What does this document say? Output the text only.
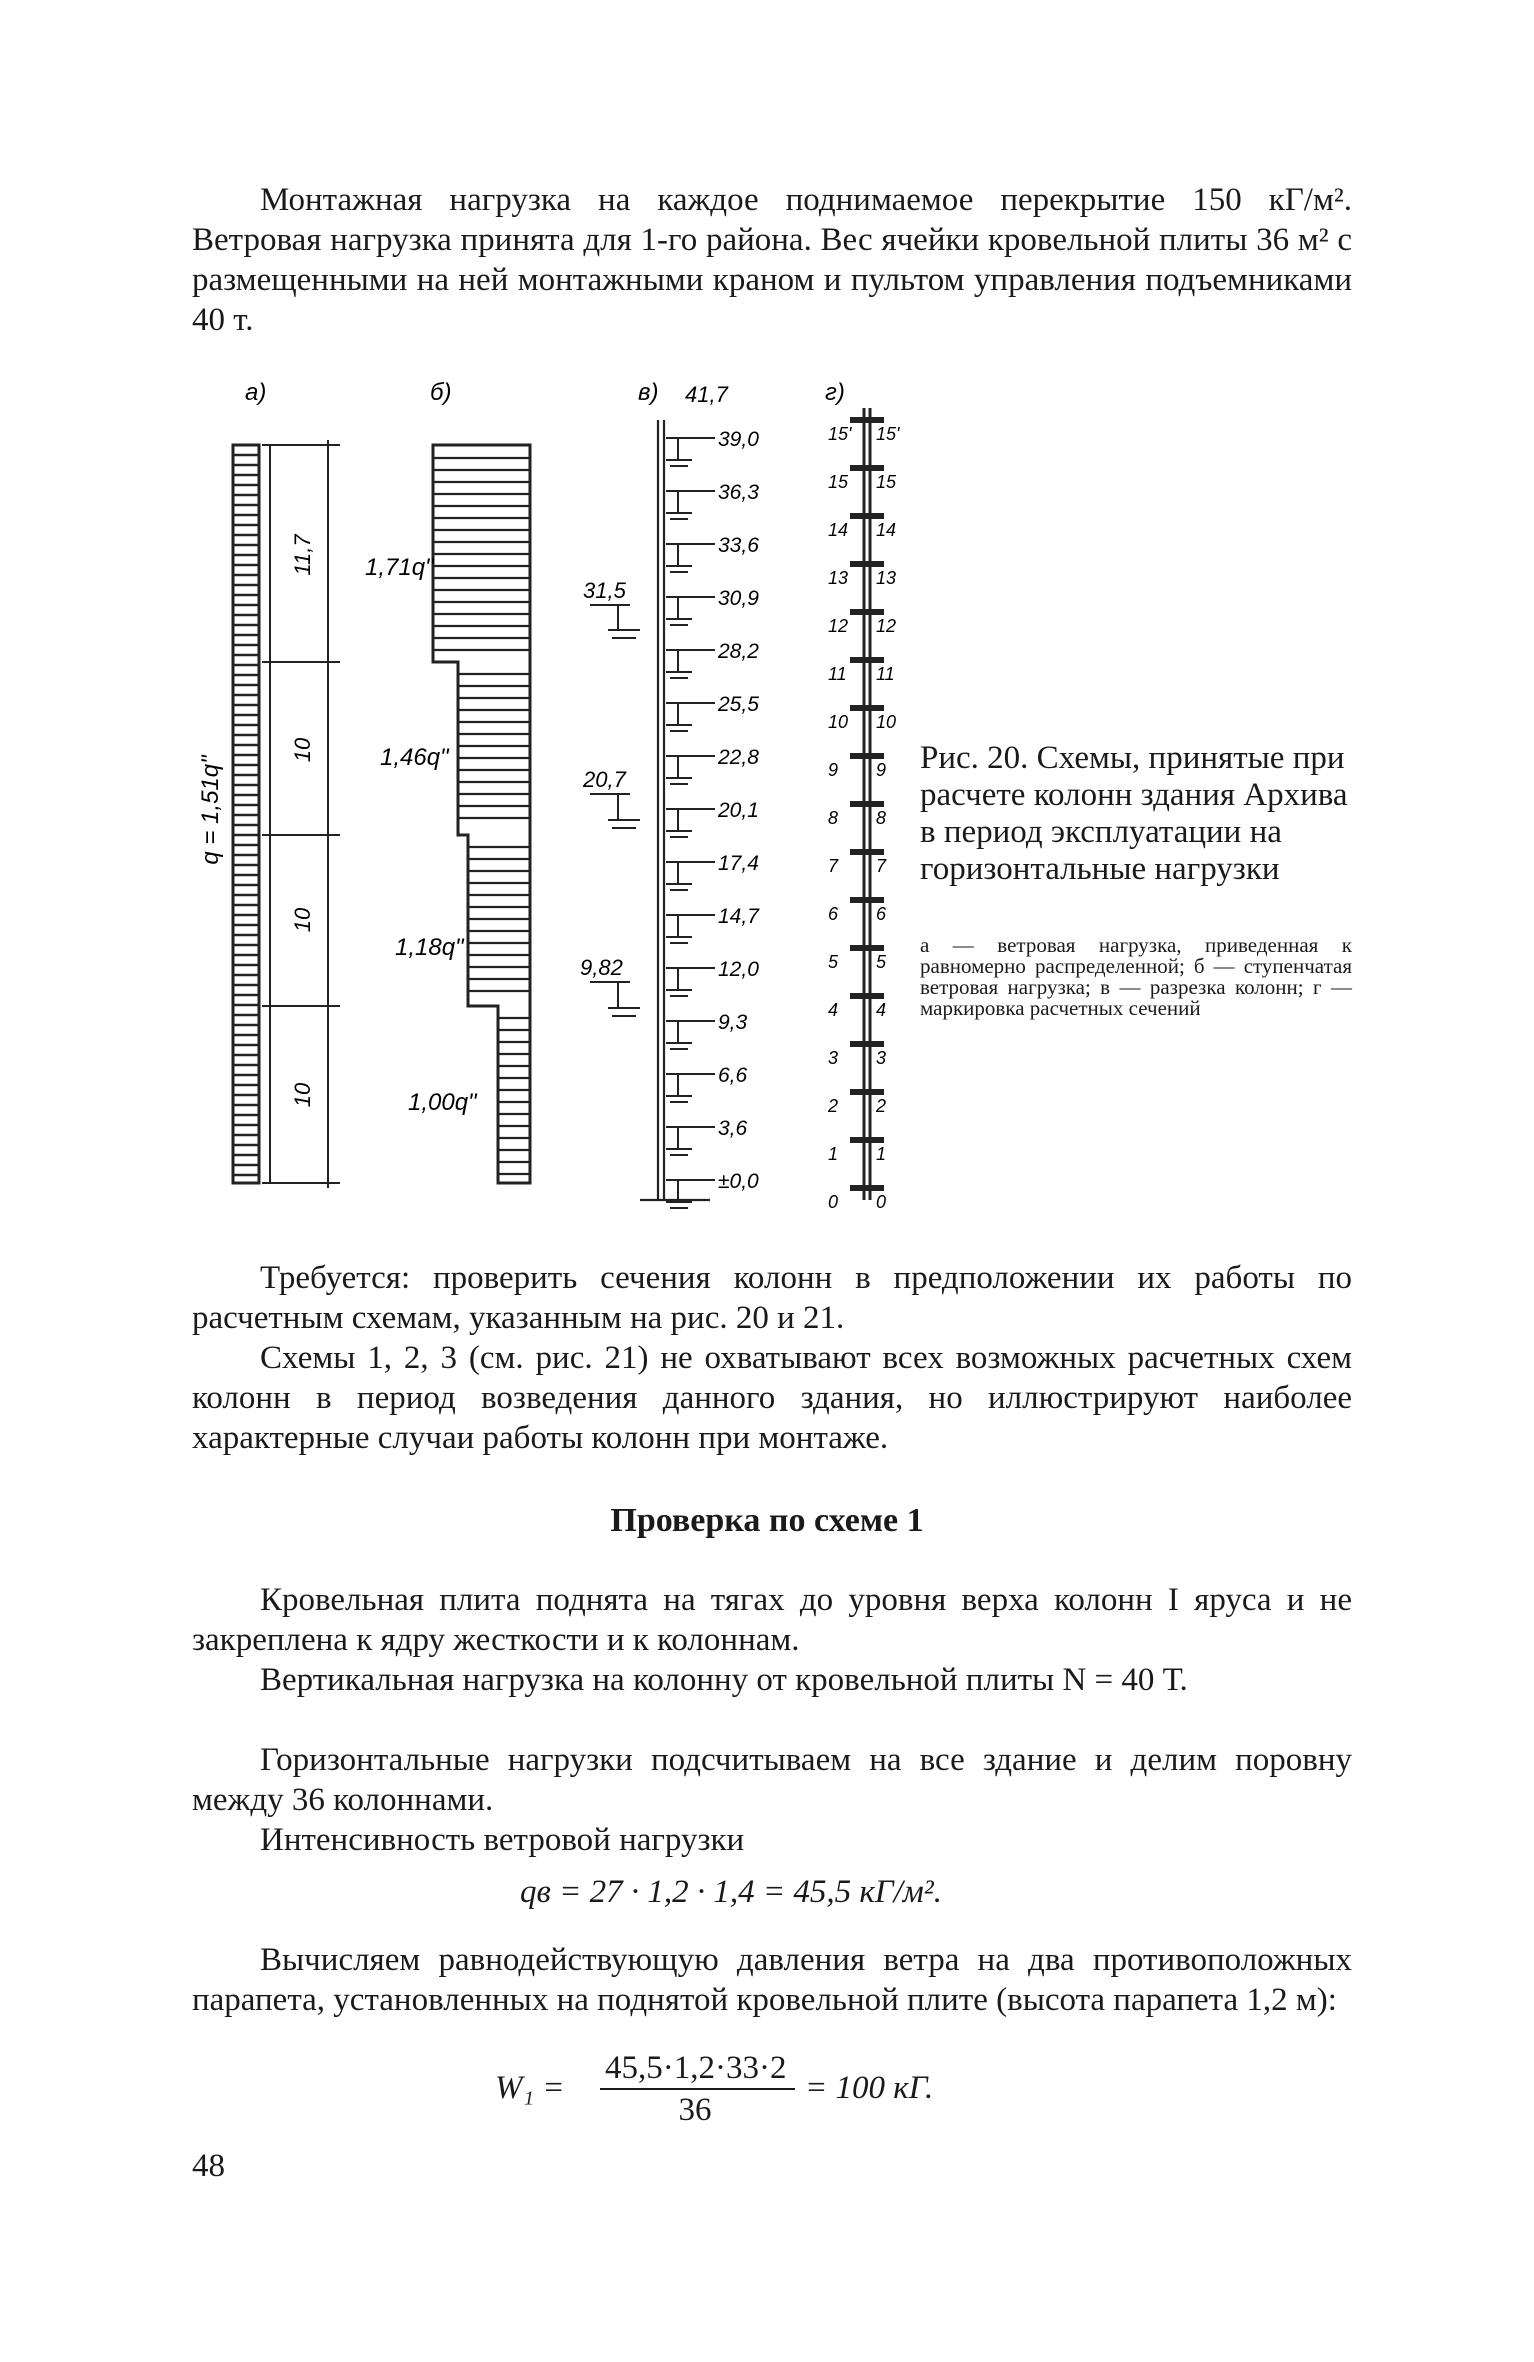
Монтажная нагрузка на каждое поднимаемое перекрытие 150 кГ/м². Ветровая нагрузка принята для 1-го района. Вес ячейки кровельной плиты 36 м² с размещенными на ней монтажными краном и пультом управления подъемниками 40 т.
а)	б)	в)	г)
q = 1,51q"
11,7
10
10
10
1,71q"
1,46q"
1,18q"
1,00q"
39,0
36,3
33,6
30,9
28,2
25,5
22,8
20,1
17,4
14,7
12,0
9,3
6,6
3,6
±0,0
41,7
31,5
20,7
9,82
15' 15'
15 15
14 14
13 13
12 12
11 11
10 10
9 9
8 8
7 7
6 6
5 5
4 4
3 3
2 2
1 1
0 0
Рис. 20. Схемы, принятые при расчете колонн здания Архива в период эксплуатации на горизонтальные нагрузки
а — ветровая нагрузка, приведенная к равномерно распределенной; б — ступенчатая ветровая нагрузка; в — разрезка колонн; г — маркировка расчетных сечений
Требуется: проверить сечения колонн в предположении их работы по расчетным схемам, указанным на рис. 20 и 21.
Схемы 1, 2, 3 (см. рис. 21) не охватывают всех возможных расчетных схем колонн в период возведения данного здания, но иллюстрируют наиболее характерные случаи работы колонн при монтаже.
Проверка по схеме 1
Кровельная плита поднята на тягах до уровня верха колонн I яруса и не закреплена к ядру жесткости и к колоннам.
Вертикальная нагрузка на колонну от кровельной плиты N = 40 Т.
Горизонтальные нагрузки подсчитываем на все здание и делим поровну между 36 колоннами.
Интенсивность ветровой нагрузки
qв = 27 · 1,2 · 1,4 = 45,5 кГ/м².
Вычисляем равнодействующую давления ветра на два противоположных парапета, установленных на поднятой кровельной плите (высота парапета 1,2 м):
W₁ =
45,5·1,2·33·2
36
= 100 кГ.
48
